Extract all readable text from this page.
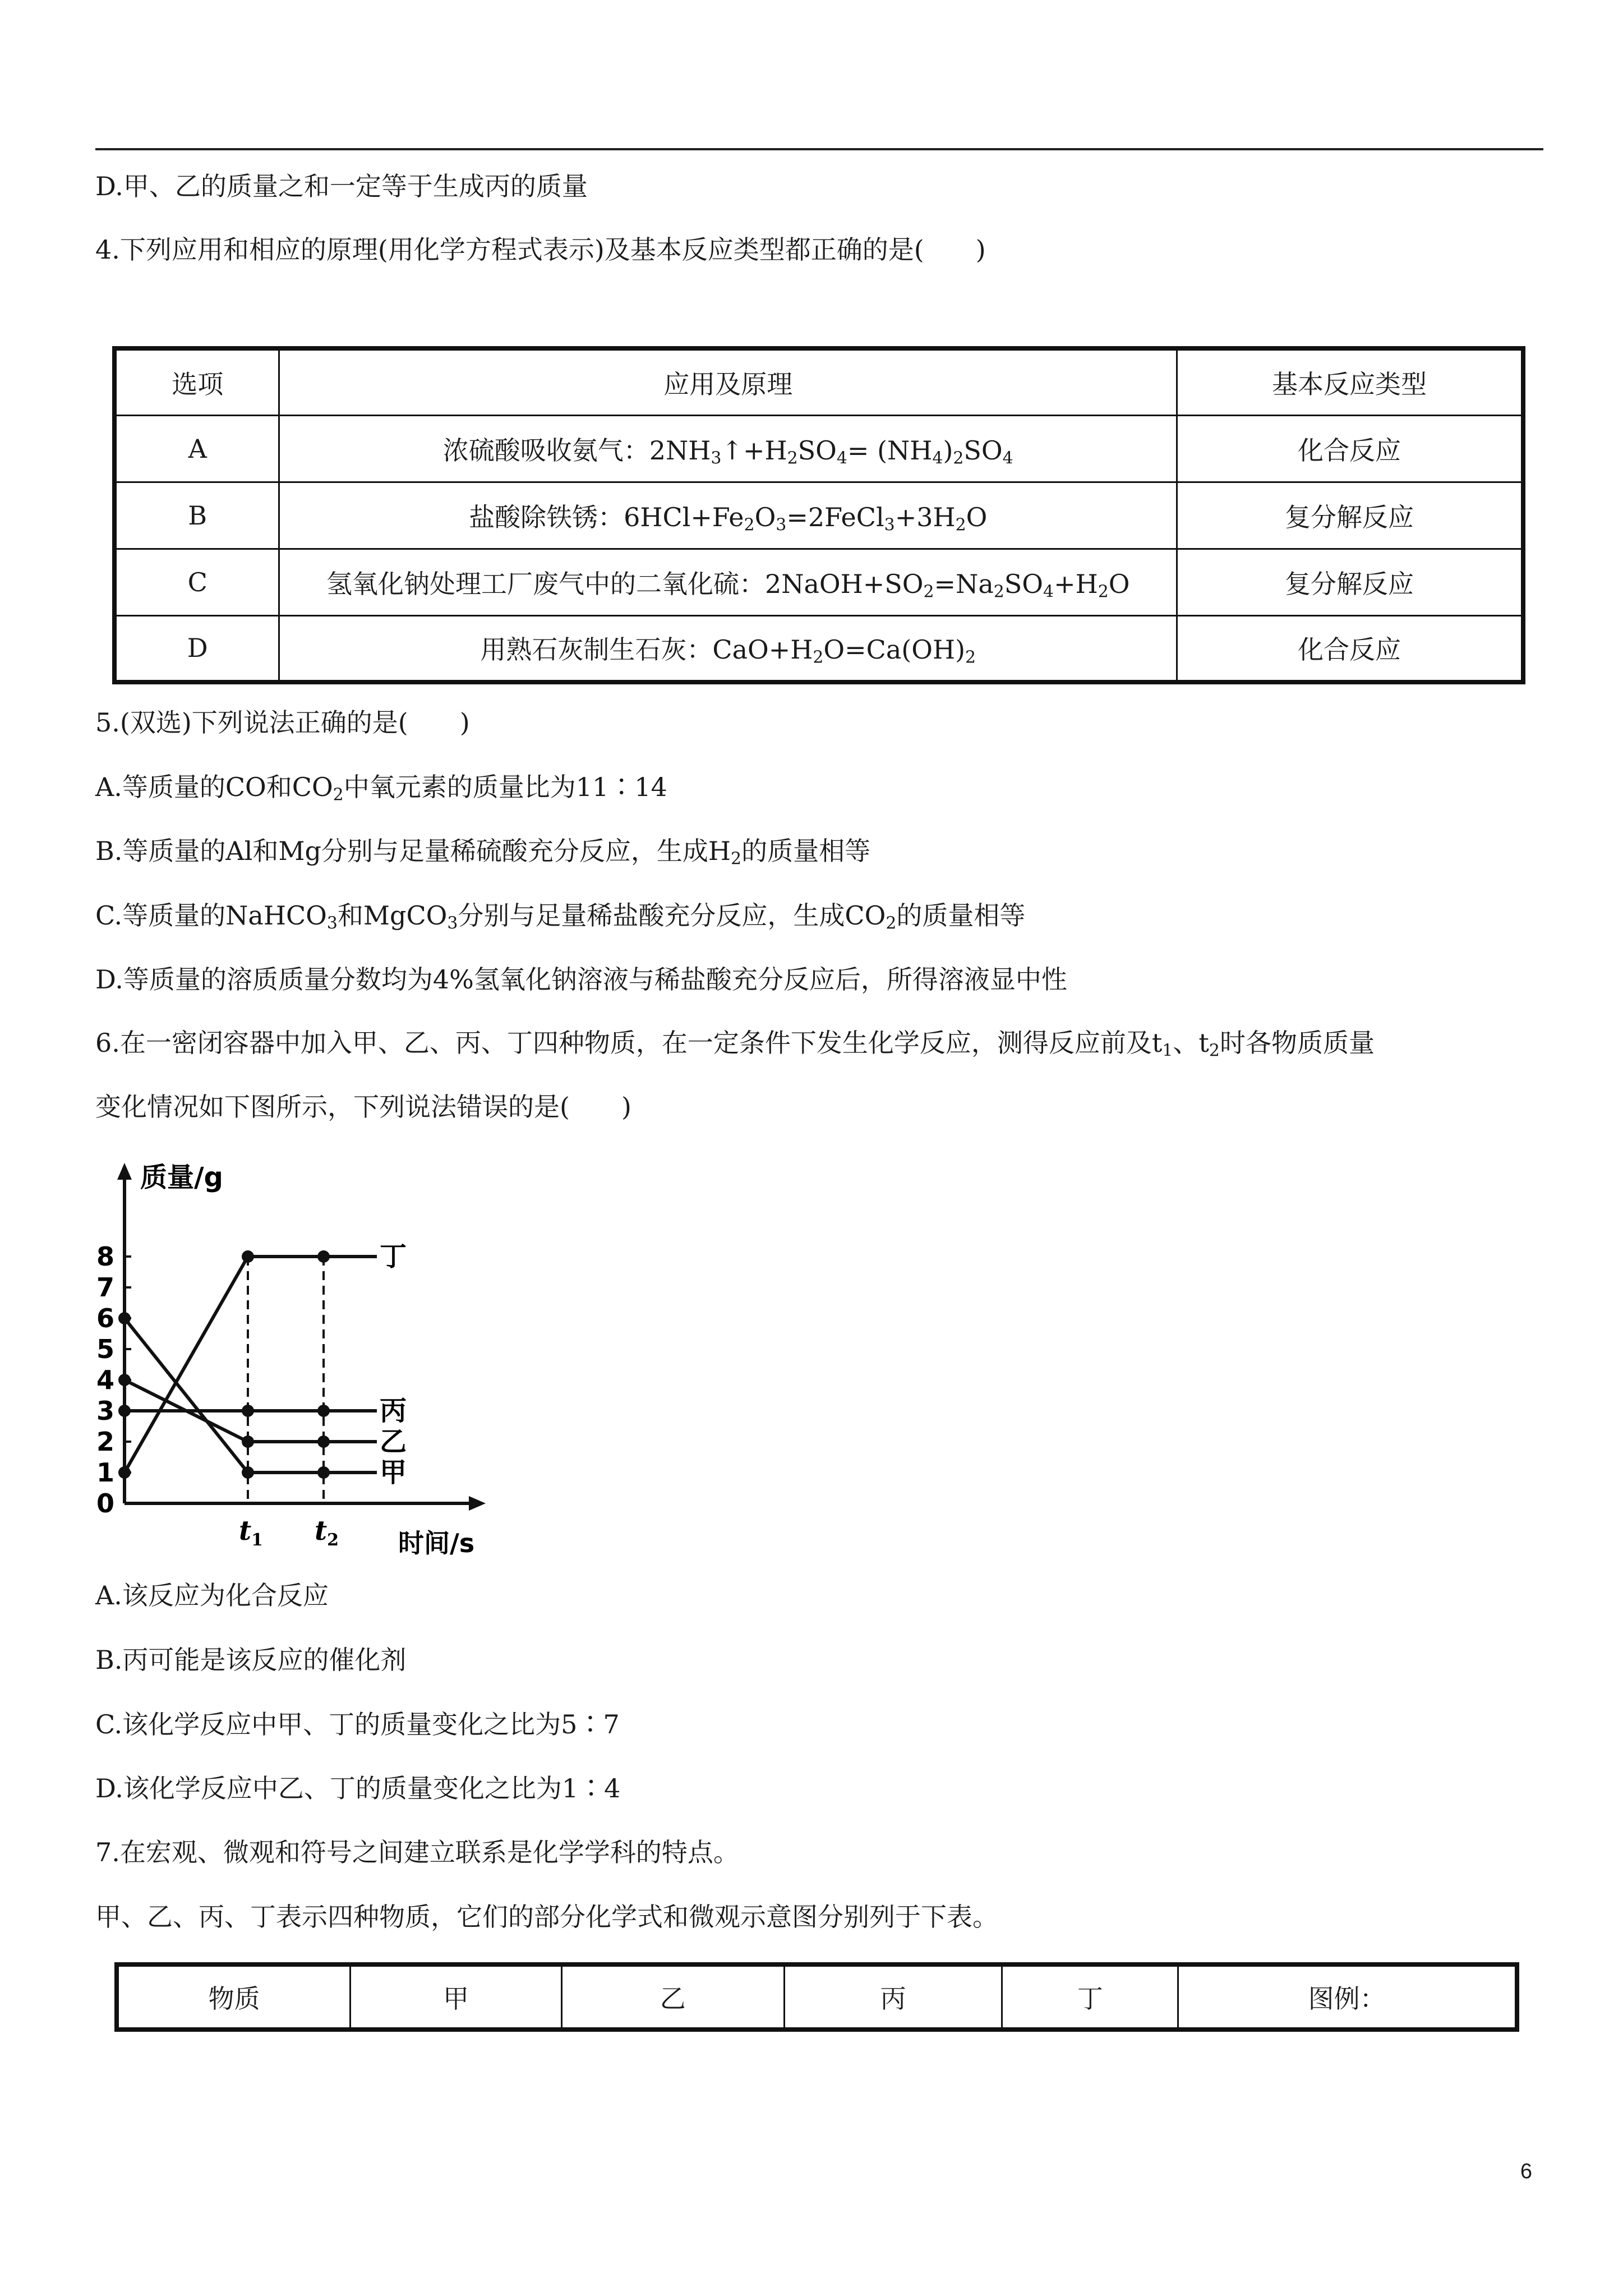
D.甲、乙的质量之和一定等于生成丙的质量
4.下列应用和相应的原理(用化学方程式表示)及基本反应类型都正确的是(　　)
选项	应用及原理	基本反应类型
A	浓硫酸吸收氨气：$2NH_3↑+H_2SO_4= (NH_4)_2SO_4$	化合反应
B	盐酸除铁锈：$6HCl+Fe_2O_3=2FeCl_3+3H_2O$	复分解反应
C	氢氧化钠处理工厂废气中的二氧化硫：$2NaOH+SO_2=Na_2SO_4+H_2O$	复分解反应
D	用熟石灰制生石灰：$CaO+H_2O=Ca(OH)_2$	化合反应
5.(双选)下列说法正确的是(　　)
A.等质量的CO和$CO_2$中氧元素的质量比为11∶14
B.等质量的Al和Mg分别与足量稀硫酸充分反应，生成$H_2$的质量相等
C.等质量的NaHCO$_3$和MgCO$_3$分别与足量稀盐酸充分反应，生成$CO_2$的质量相等
D.等质量的溶质质量分数均为4%氢氧化钠溶液与稀盐酸充分反应后，所得溶液显中性
6.在一密闭容器中加入甲、乙、丙、丁四种物质，在一定条件下发生化学反应，测得反应前及$t_1$、$t_2$时各物质质量
变化情况如下图所示，下列说法错误的是(　　)
质量/g
时间/s
0
1
2
3
4
5
6
7
8
$t_1$ $t_2$
丁
丙
乙
甲
A.该反应为化合反应
B.丙可能是该反应的催化剂
C.该化学反应中甲、丁的质量变化之比为5∶7
D.该化学反应中乙、丁的质量变化之比为1∶4
7.在宏观、微观和符号之间建立联系是化学学科的特点。
甲、乙、丙、丁表示四种物质，它们的部分化学式和微观示意图分别列于下表。
物质	甲	乙	丙	丁	图例：
6
